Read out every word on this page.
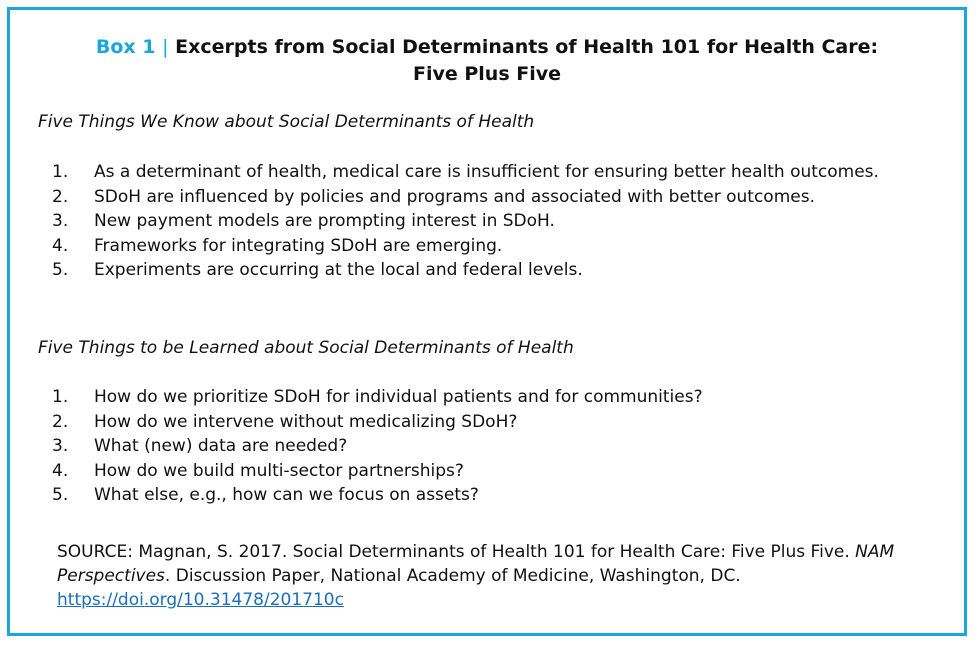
Box 1 | Excerpts from Social Determinants of Health 101 for Health Care:
Five Plus Five
Five Things We Know about Social Determinants of Health
1. As a determinant of health, medical care is insufficient for ensuring better health outcomes.
2. SDoH are influenced by policies and programs and associated with better outcomes.
3. New payment models are prompting interest in SDoH.
4. Frameworks for integrating SDoH are emerging.
5. Experiments are occurring at the local and federal levels.
Five Things to be Learned about Social Determinants of Health
1. How do we prioritize SDoH for individual patients and for communities?
2. How do we intervene without medicalizing SDoH?
3. What (new) data are needed?
4. How do we build multi-sector partnerships?
5. What else, e.g., how can we focus on assets?
SOURCE: Magnan, S. 2017. Social Determinants of Health 101 for Health Care: Five Plus Five. NAM Perspectives. Discussion Paper, National Academy of Medicine, Washington, DC. https://doi.org/10.31478/201710c
